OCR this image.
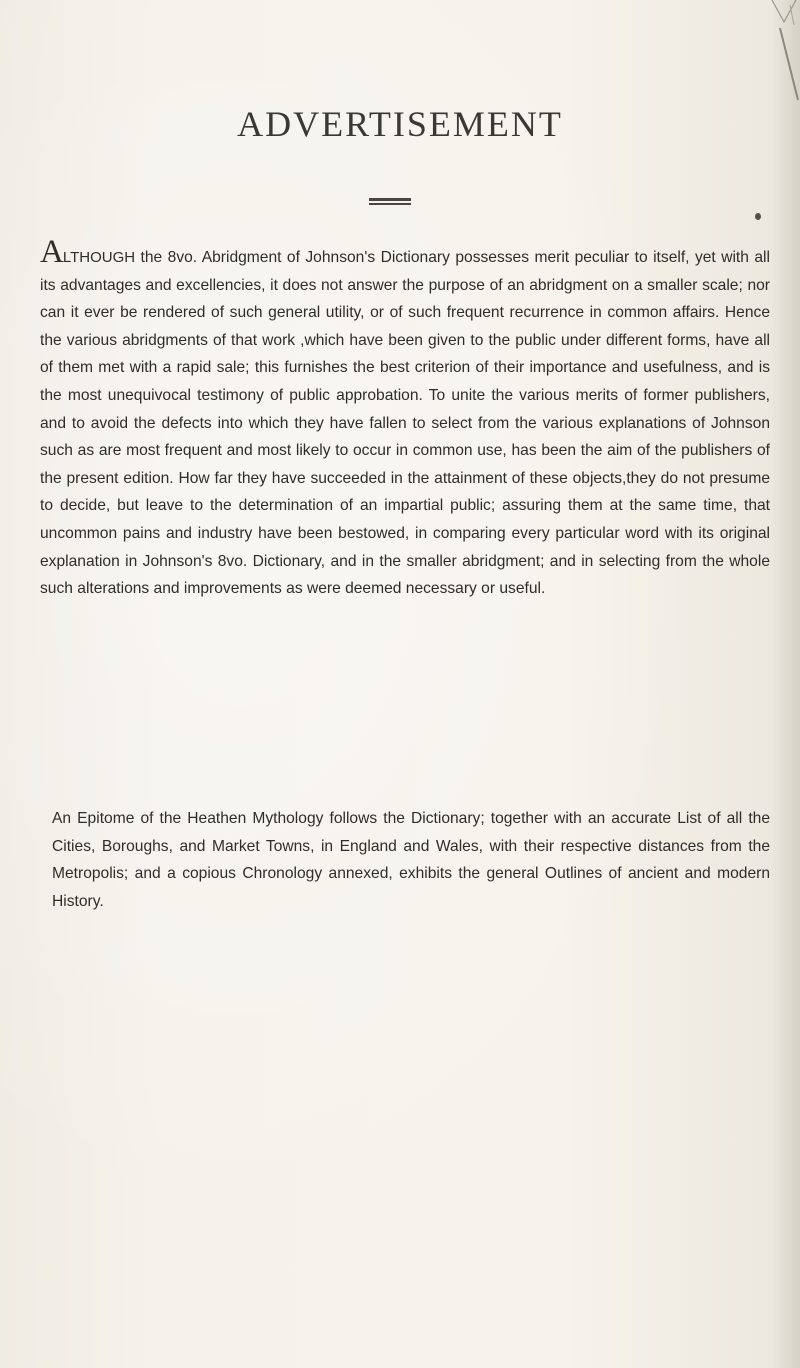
ADVERTISEMENT

ALTHOUGH the 8vo. Abridgment of Johnson's Dictionary possesses merit peculiar to itself, yet with all its advantages and excellencies, it does not answer the purpose of an abridgment on a smaller scale; nor can it ever be rendered of such general utility, or of such frequent recurrence in common affairs. Hence the various abridgments of that work ,which have been given to the public under different forms, have all of them met with a rapid sale; this furnishes the best criterion of their importance and usefulness, and is the most unequivocal testimony of public approbation. To unite the various merits of former publishers, and to avoid the defects into which they have fallen to select from the various explanations of Johnson such as are most frequent and most likely to occur in common use, has been the aim of the publishers of the present edition. How far they have succeeded in the attainment of these objects,they do not presume to decide, but leave to the determination of an impartial public; assuring them at the same time, that uncommon pains and industry have been bestowed, in comparing every particular word with its original explanation in Johnson's 8vo. Dictionary, and in the smaller abridgment; and in selecting from the whole such alterations and improvements as were deemed necessary or useful.

An Epitome of the Heathen Mythology follows the Dictionary; together with an accurate List of all the Cities, Boroughs, and Market Towns, in England and Wales, with their respective distances from the Metropolis; and a copious Chronology annexed, exhibits the general Outlines of ancient and modern History.
